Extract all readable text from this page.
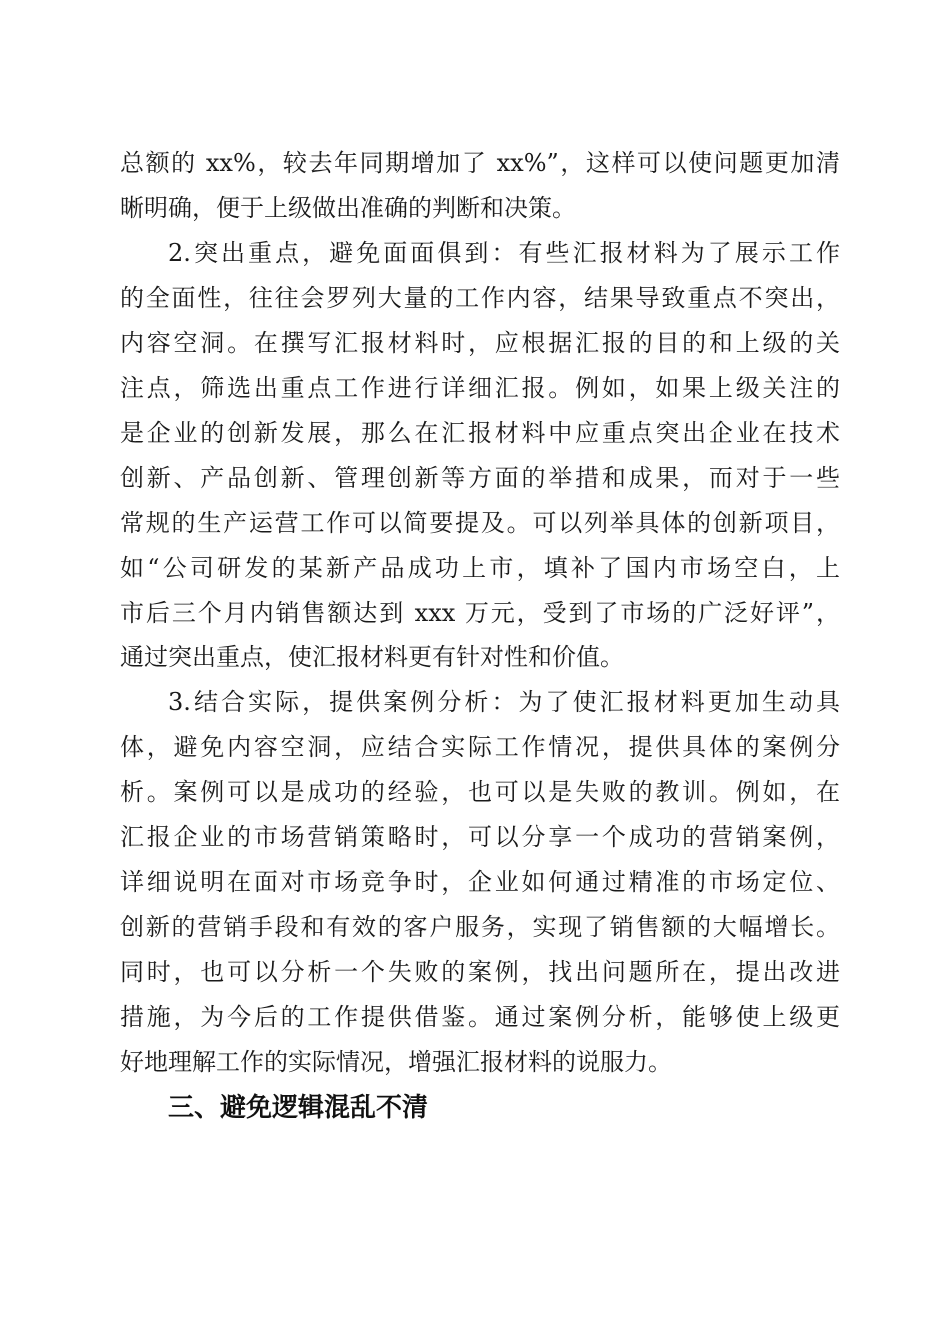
总额的 xx%，较去年同期增加了 xx%”，这样可以使问题更加清
晰明确，便于上级做出准确的判断和决策。
2.突出重点，避免面面俱到：有些汇报材料为了展示工作
的全面性，往往会罗列大量的工作内容，结果导致重点不突出，
内容空洞。在撰写汇报材料时，应根据汇报的目的和上级的关
注点，筛选出重点工作进行详细汇报。例如，如果上级关注的
是企业的创新发展，那么在汇报材料中应重点突出企业在技术
创新、产品创新、管理创新等方面的举措和成果，而对于一些
常规的生产运营工作可以简要提及。可以列举具体的创新项目，
如“公司研发的某新产品成功上市，填补了国内市场空白，上
市后三个月内销售额达到 xxx 万元，受到了市场的广泛好评”，
通过突出重点，使汇报材料更有针对性和价值。
3.结合实际，提供案例分析：为了使汇报材料更加生动具
体，避免内容空洞，应结合实际工作情况，提供具体的案例分
析。案例可以是成功的经验，也可以是失败的教训。例如，在
汇报企业的市场营销策略时，可以分享一个成功的营销案例，
详细说明在面对市场竞争时，企业如何通过精准的市场定位、
创新的营销手段和有效的客户服务，实现了销售额的大幅增长。
同时，也可以分析一个失败的案例，找出问题所在，提出改进
措施，为今后的工作提供借鉴。通过案例分析，能够使上级更
好地理解工作的实际情况，增强汇报材料的说服力。
三、避免逻辑混乱不清
